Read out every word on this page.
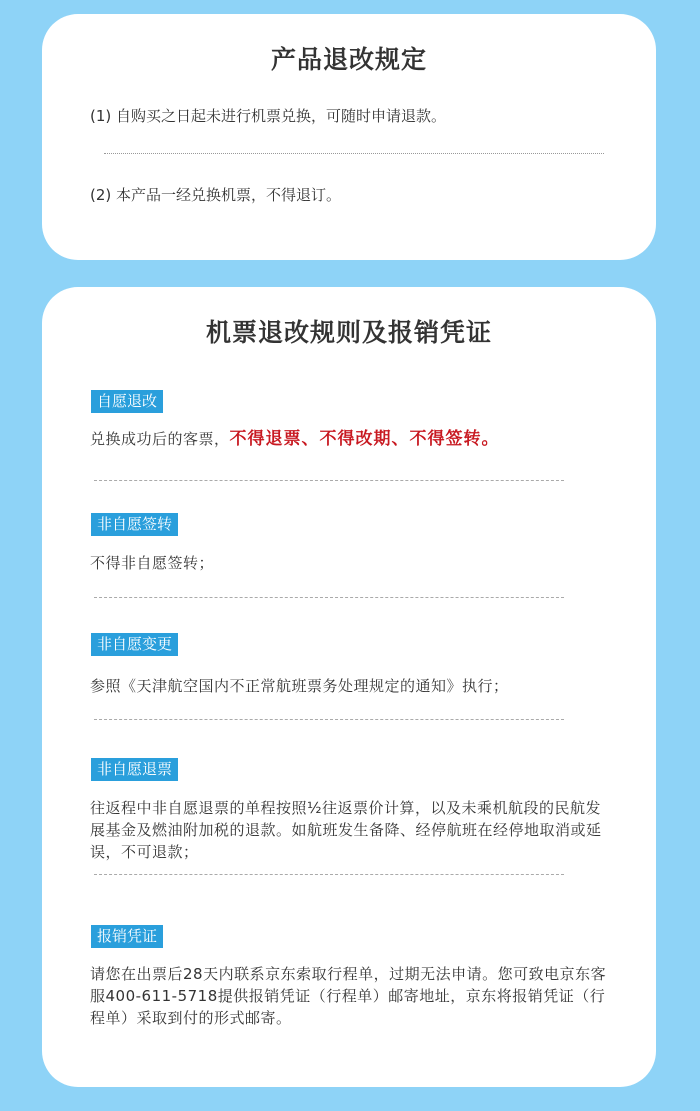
产品退改规定
(1) 自购买之日起未进行机票兑换，可随时申请退款。
(2) 本产品一经兑换机票，不得退订。
机票退改规则及报销凭证
自愿退改
兑换成功后的客票，不得退票、不得改期、不得签转。
非自愿签转
不得非自愿签转；
非自愿变更
参照《天津航空国内不正常航班票务处理规定的通知》执行；
非自愿退票
往返程中非自愿退票的单程按照½往返票价计算，以及未乘机航段的民航发展基金及燃油附加税的退款。如航班发生备降、经停航班在经停地取消或延误，不可退款；
报销凭证
请您在出票后28天内联系京东索取行程单，过期无法申请。您可致电京东客服400-611-5718提供报销凭证（行程单）邮寄地址，京东将报销凭证（行程单）采取到付的形式邮寄。
